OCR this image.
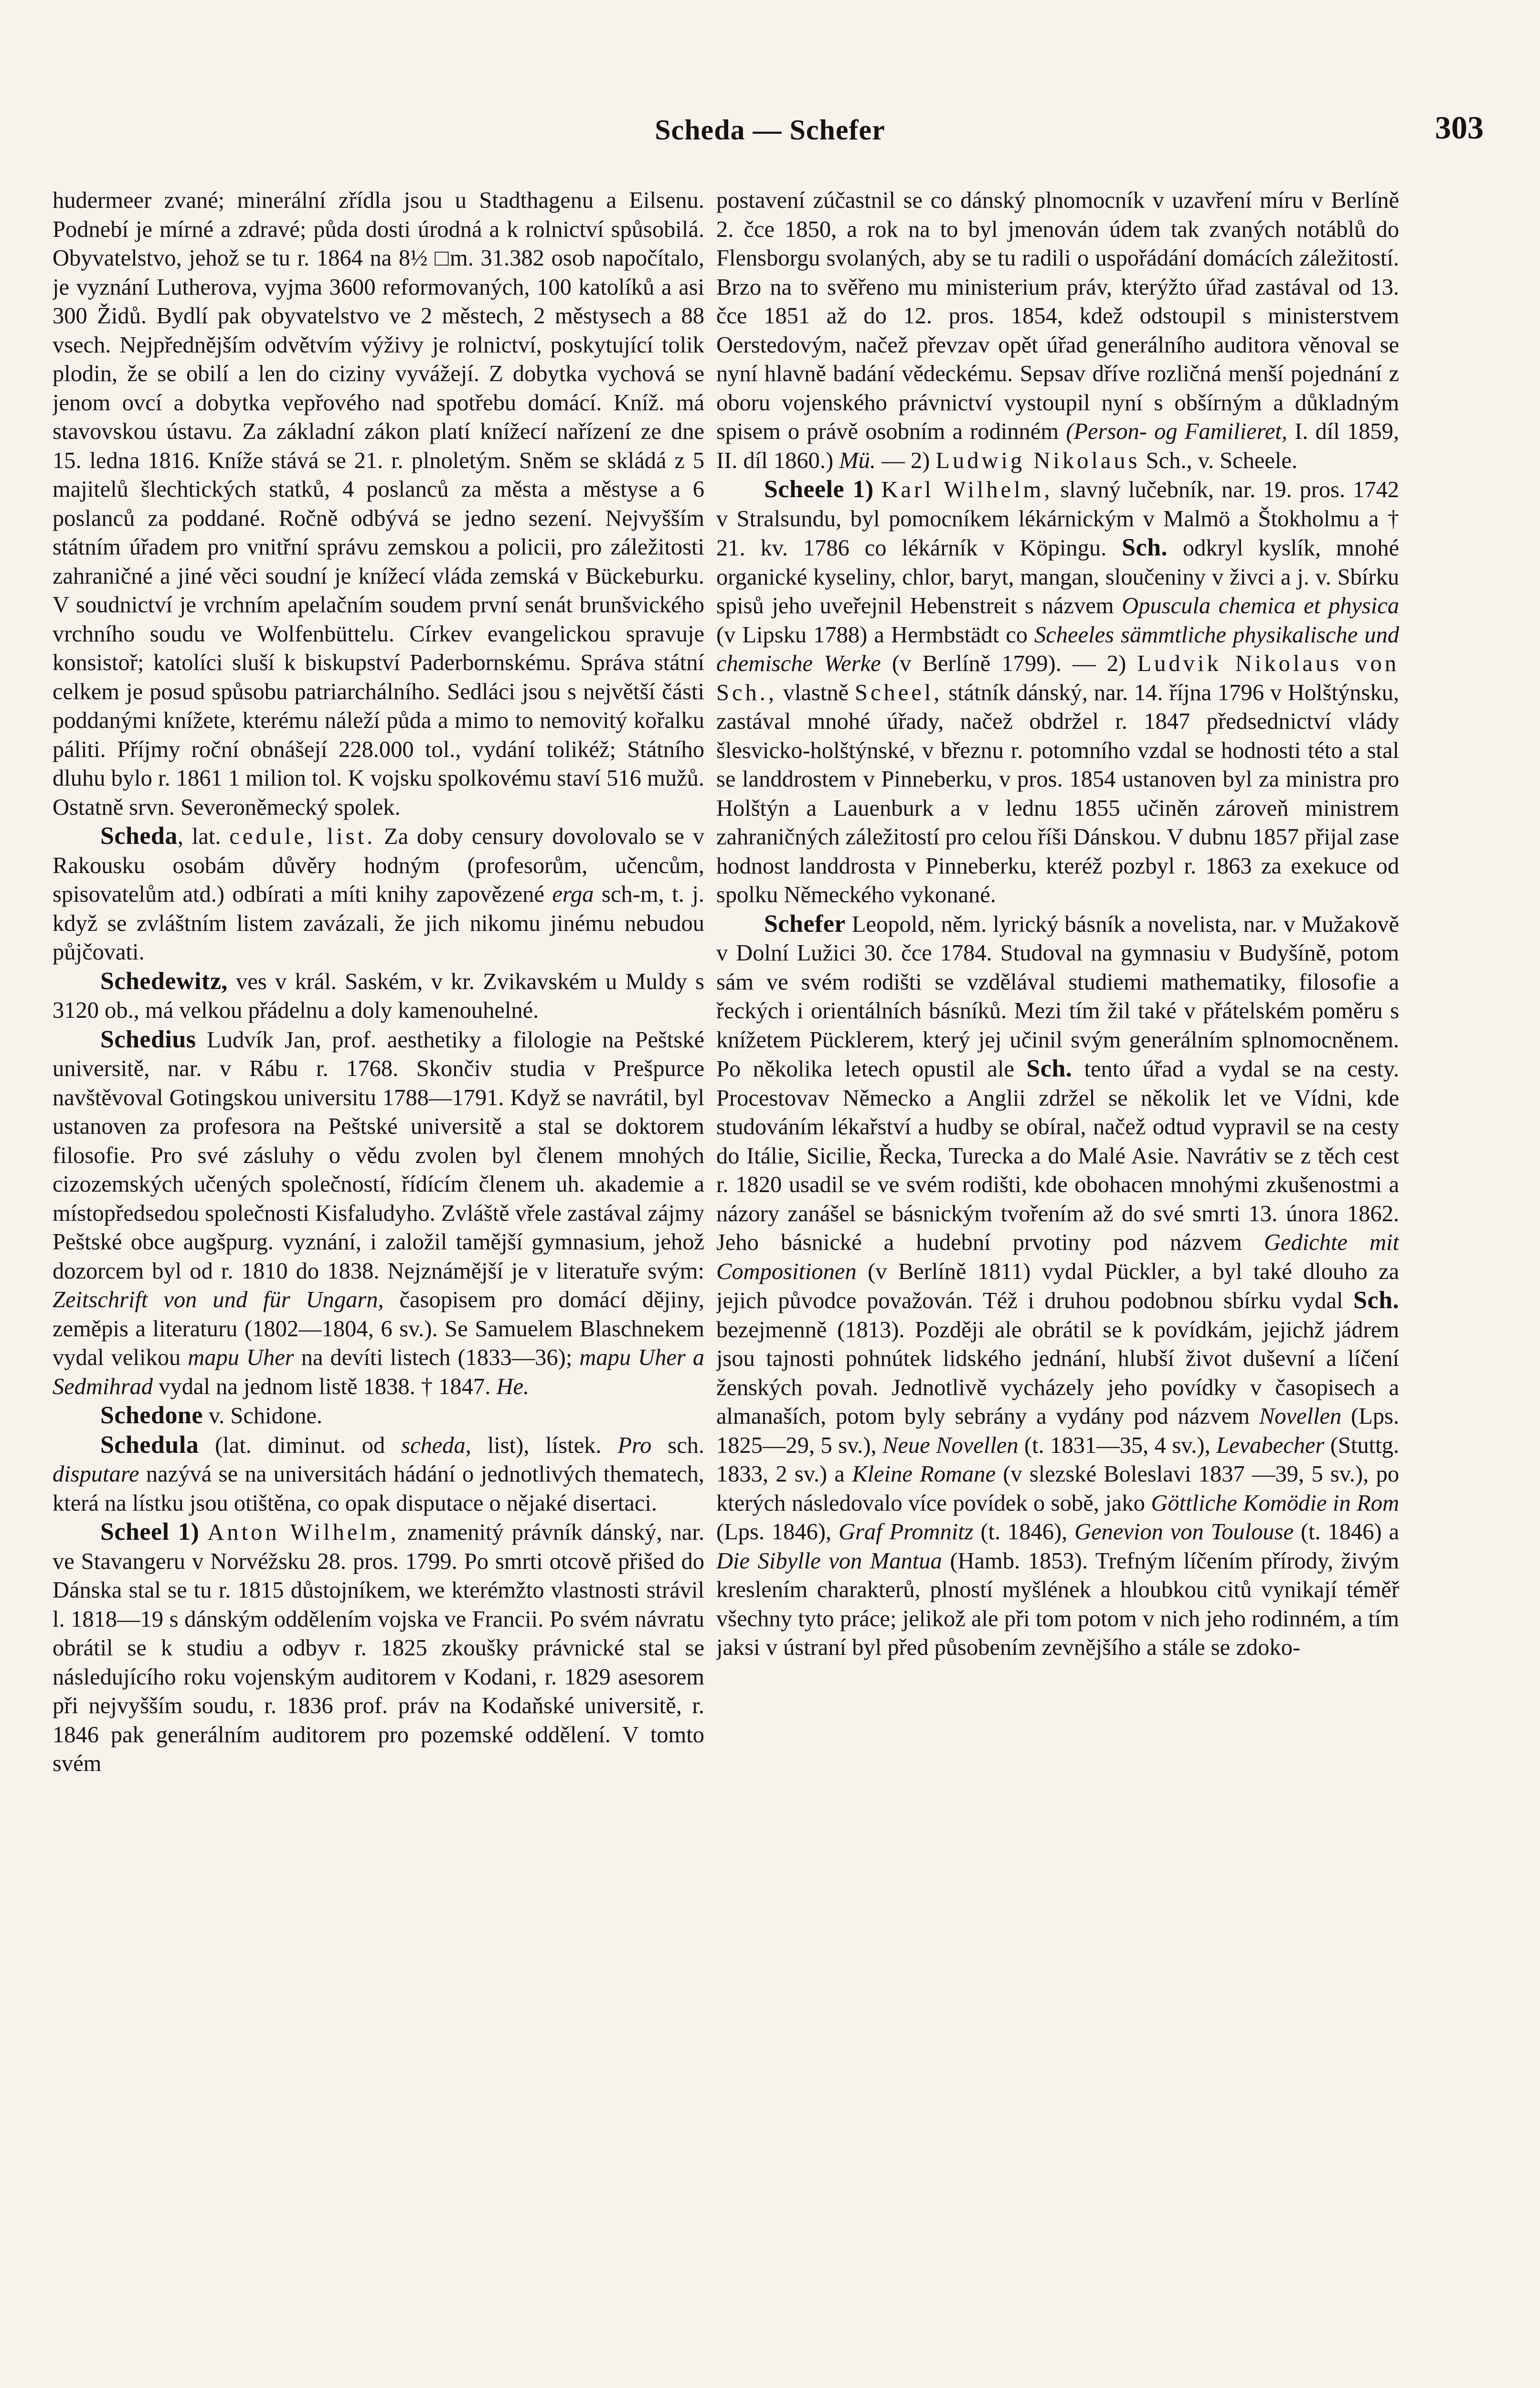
Scheda — Schefer	303

hudermeer zvané; minerální zřídla jsou u Stadthagenu a Eilsenu. Podnebí je mírné a zdravé; půda dosti úrodná a k rolnictví spůsobilá. Obyvatelstvo, jehož se tu r. 1864 na 8½ □m. 31.382 osob napočítalo, je vyznání Lutherova, vyjma 3600 reformovaných, 100 katolíků a asi 300 Židů. Bydlí pak obyvatelstvo ve 2 městech, 2 městysech a 88 vsech. Nejpřednějším odvětvím výživy je rolnictví, poskytující tolik plodin, že se obilí a len do ciziny vyvážejí. Z dobytka vychová se jenom ovcí a dobytka vepřového nad spotřebu domácí. Kníž. má stavovskou ústavu. Za základní zákon platí knížecí nařízení ze dne 15. ledna 1816. Kníže stává se 21. r. plnoletým. Sněm se skládá z 5 majitelů šlechtických statků, 4 poslanců za města a městyse a 6 poslanců za poddané. Ročně odbývá se jedno sezení. Nejvyšším státním úřadem pro vnitřní správu zemskou a policii, pro záležitosti zahraničné a jiné věci soudní je knížecí vláda zemská v Bückeburku. V soudnictví je vrchním apelačním soudem první senát brunšvického vrchního soudu ve Wolfenbüttelu. Církev evangelickou spravuje konsistoř; katolíci sluší k biskupství Paderbornskému. Správa státní celkem je posud spůsobu patriarchálního. Sedláci jsou s největší části poddanými knížete, kterému náleží půda a mimo to nemovitý kořalku páliti. Příjmy roční obnášejí 228.000 tol., vydání tolikéž; Státního dluhu bylo r. 1861 1 milion tol. K vojsku spolkovému staví 516 mužů. Ostatně srvn. Severoněmecký spolek.

Scheda, lat. cedule, list. Za doby censury dovolovalo se v Rakousku osobám důvěry hodným (profesorům, učencům, spisovatelům atd.) odbírati a míti knihy zapovězené erga sch-m, t. j. když se zvláštním listem zavázali, že jich nikomu jinému nebudou půjčovati.

Schedewitz, ves v král. Saském, v kr. Zvikavském u Muldy s 3120 ob., má velkou přádelnu a doly kamenouhelné.

Schedius Ludvík Jan, prof. aesthetiky a filologie na Peštské universitě, nar. v Rábu r. 1768. Skončiv studia v Prešpurce navštěvoval Gotingskou universitu 1788—1791. Když se navrátil, byl ustanoven za profesora na Peštské universitě a stal se doktorem filosofie. Pro své zásluhy o vědu zvolen byl členem mnohých cizozemských učených společností, řídícím členem uh. akademie a místopředsedou společnosti Kisfaludyho. Zvláště vřele zastával zájmy Peštské obce augšpurg. vyznání, i založil tamější gymnasium, jehož dozorcem byl od r. 1810 do 1838. Nejznámější je v literatuře svým: Zeitschrift von und für Ungarn, časopisem pro domácí dějiny, zeměpis a literaturu (1802—1804, 6 sv.). Se Samuelem Blaschnekem vydal velikou mapu Uher na devíti listech (1833—36); mapu Uher a Sedmihrad vydal na jednom listě 1838. † 1847. He.

Schedone v. Schidone.

Schedula (lat. diminut. od scheda, list), lístek. Pro sch. disputare nazývá se na universitách hádání o jednotlivých thematech, která na lístku jsou otištěna, co opak disputace o nějaké disertaci.

Scheel 1) Anton Wilhelm, znamenitý právník dánský, nar. ve Stavangeru v Norvéžsku 28. pros. 1799. Po smrti otcově přišed do Dánska stal se tu r. 1815 důstojníkem, we kterémžto vlastnosti strávil l. 1818—19 s dánským oddělením vojska ve Francii. Po svém návratu obrátil se k studiu a odbyv r. 1825 zkoušky právnické stal se následujícího roku vojenským auditorem v Kodani, r. 1829 asesorem při nejvyšším soudu, r. 1836 prof. práv na Kodaňské universitě, r. 1846 pak generálním auditorem pro pozemské oddělení. V tomto svém

postavení zúčastnil se co dánský plnomocník v uzavření míru v Berlíně 2. čce 1850, a rok na to byl jmenován údem tak zvaných notáblů do Flensborgu svolaných, aby se tu radili o uspořádání domácích záležitostí. Brzo na to svěřeno mu ministerium práv, kterýžto úřad zastával od 13. čce 1851 až do 12. pros. 1854, kdež odstoupil s ministerstvem Oerstedovým, načež převzav opět úřad generálního auditora věnoval se nyní hlavně badání vědeckému. Sepsav dříve rozličná menší pojednání z oboru vojenského právnictví vystoupil nyní s obšírným a důkladným spisem o právě osobním a rodinném (Person- og Familieret, I. díl 1859, II. díl 1860.) Mü. — 2) Ludwig Nikolaus Sch., v. Scheele.

Scheele 1) Karl Wilhelm, slavný lučebník, nar. 19. pros. 1742 v Stralsundu, byl pomocníkem lékárnickým v Malmö a Štokholmu a † 21. kv. 1786 co lékárník v Köpingu. Sch. odkryl kyslík, mnohé organické kyseliny, chlor, baryt, mangan, sloučeniny v živci a j. v. Sbírku spisů jeho uveřejnil Hebenstreit s názvem Opuscula chemica et physica (v Lipsku 1788) a Hermbstädt co Scheeles sämmtliche physikalische und chemische Werke (v Berlíně 1799). — 2) Ludvik Nikolaus von Sch., vlastně Scheel, státník dánský, nar. 14. října 1796 v Holštýnsku, zastával mnohé úřady, načež obdržel r. 1847 předsednictví vlády šlesvicko-holštýnské, v březnu r. potomního vzdal se hodnosti této a stal se landdrostem v Pinneberku, v pros. 1854 ustanoven byl za ministra pro Holštýn a Lauenburk a v lednu 1855 učiněn zároveň ministrem zahraničných záležitostí pro celou říši Dánskou. V dubnu 1857 přijal zase hodnost landdrosta v Pinneberku, kteréž pozbyl r. 1863 za exekuce od spolku Německého vykonané.

Schefer Leopold, něm. lyrický básník a novelista, nar. v Mužakově v Dolní Lužici 30. čce 1784. Studoval na gymnasiu v Budyšíně, potom sám ve svém rodišti se vzdělával studiemi mathematiky, filosofie a řeckých i orientálních básníků. Mezi tím žil také v přátelském poměru s knížetem Pücklerem, který jej učinil svým generálním splnomocněnem. Po několika letech opustil ale Sch. tento úřad a vydal se na cesty. Procestovav Německo a Anglii zdržel se několik let ve Vídni, kde studováním lékařství a hudby se obíral, načež odtud vypravil se na cesty do Itálie, Sicilie, Řecka, Turecka a do Malé Asie. Navrátiv se z těch cest r. 1820 usadil se ve svém rodišti, kde obohacen mnohými zkušenostmi a názory zanášel se básnickým tvořením až do své smrti 13. února 1862. Jeho básnické a hudební prvotiny pod názvem Gedichte mit Compositionen (v Berlíně 1811) vydal Pückler, a byl také dlouho za jejich původce považován. Též i druhou podobnou sbírku vydal Sch. bezejmenně (1813). Později ale obrátil se k povídkám, jejichž jádrem jsou tajnosti pohnútek lidského jednání, hlubší život duševní a líčení ženských povah. Jednotlivě vycházely jeho povídky v časopisech a almanaších, potom byly sebrány a vydány pod názvem Novellen (Lps. 1825—29, 5 sv.), Neue Novellen (t. 1831—35, 4 sv.), Levabecher (Stuttg. 1833, 2 sv.) a Kleine Romane (v slezské Boleslavi 1837 —39, 5 sv.), po kterých následovalo více povídek o sobě, jako Göttliche Komödie in Rom (Lps. 1846), Graf Promnitz (t. 1846), Genevion von Toulouse (t. 1846) a Die Sibylle von Mantua (Hamb. 1853). Trefným líčením přírody, živým kreslením charakterů, plností myšlének a hloubkou citů vynikají téměř všechny tyto práce; jelikož ale při tom potom v nich jeho rodinném, a tím jaksi v ústraní byl před působením zevnějšího a stále se zdoko-
